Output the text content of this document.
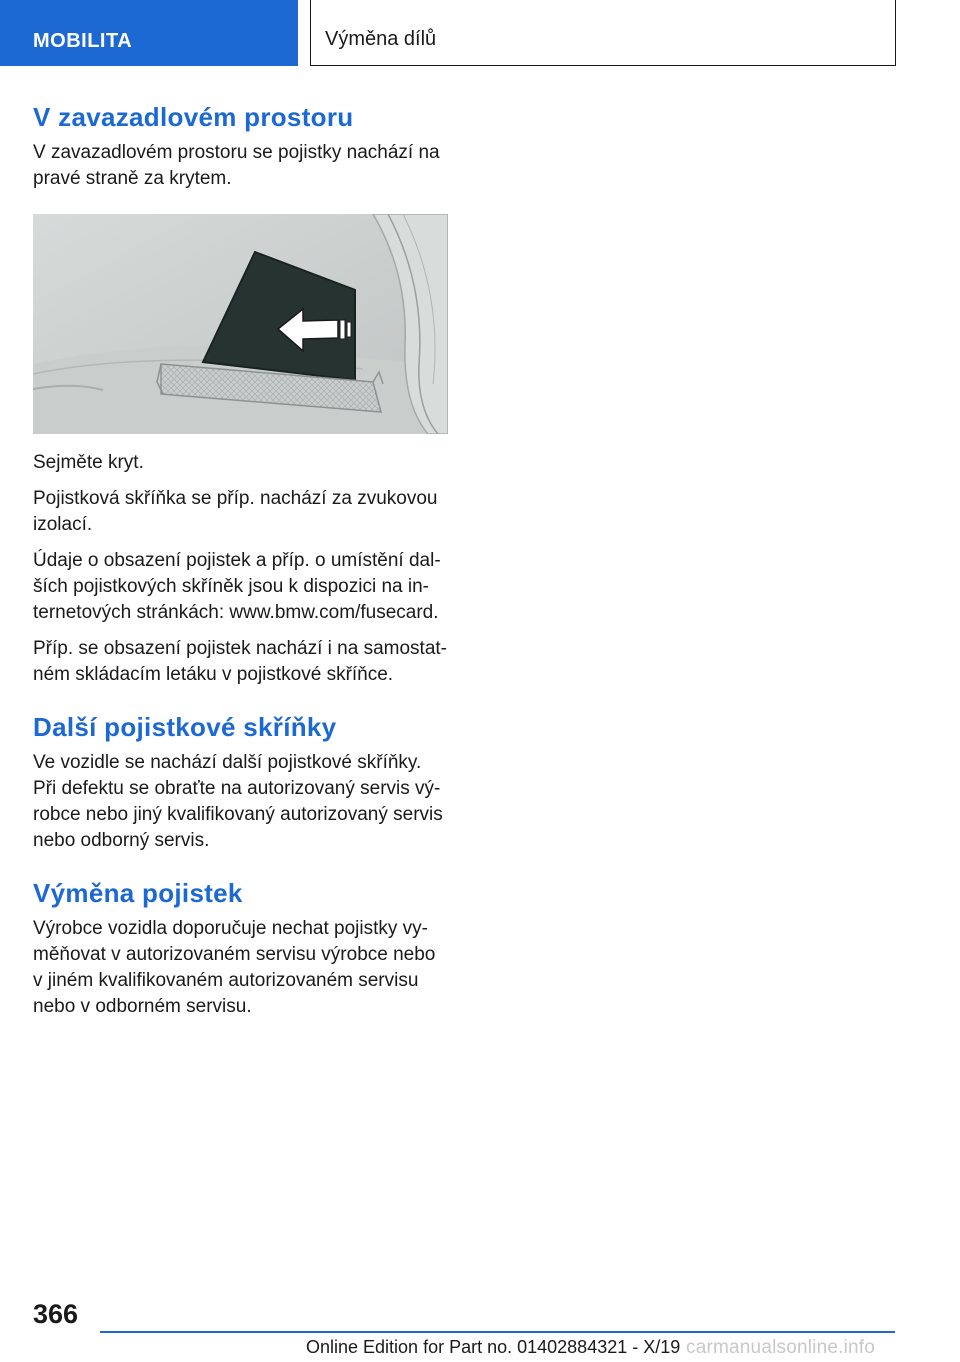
MOBILITA	Výměna dílů
V zavazadlovém prostoru

V zavazadlovém prostoru se pojistky nachází na pravé straně za krytem.

Sejměte kryt.

Pojistková skříňka se příp. nachází za zvukovou izolací.

Údaje o obsazení pojistek a příp. o umístění dal‐ších pojistkových skříněk jsou k dispozici na in‐ternetových stránkách: www.bmw.com/fusecard.

Příp. se obsazení pojistek nachází i na samostat‐ném skládacím letáku v pojistkové skříňce.

Další pojistkové skříňky

Ve vozidle se nachází další pojistkové skříňky. Při defektu se obraťte na autorizovaný servis vý‐robce nebo jiný kvalifikovaný autorizovaný servis nebo odborný servis.

Výměna pojistek

Výrobce vozidla doporučuje nechat pojistky vy‐měňovat v autorizovaném servisu výrobce nebo v jiném kvalifikovaném autorizovaném servisu nebo v odborném servisu.

366
Online Edition for Part no. 01402884321 - X/19 carmanualsonline.info
